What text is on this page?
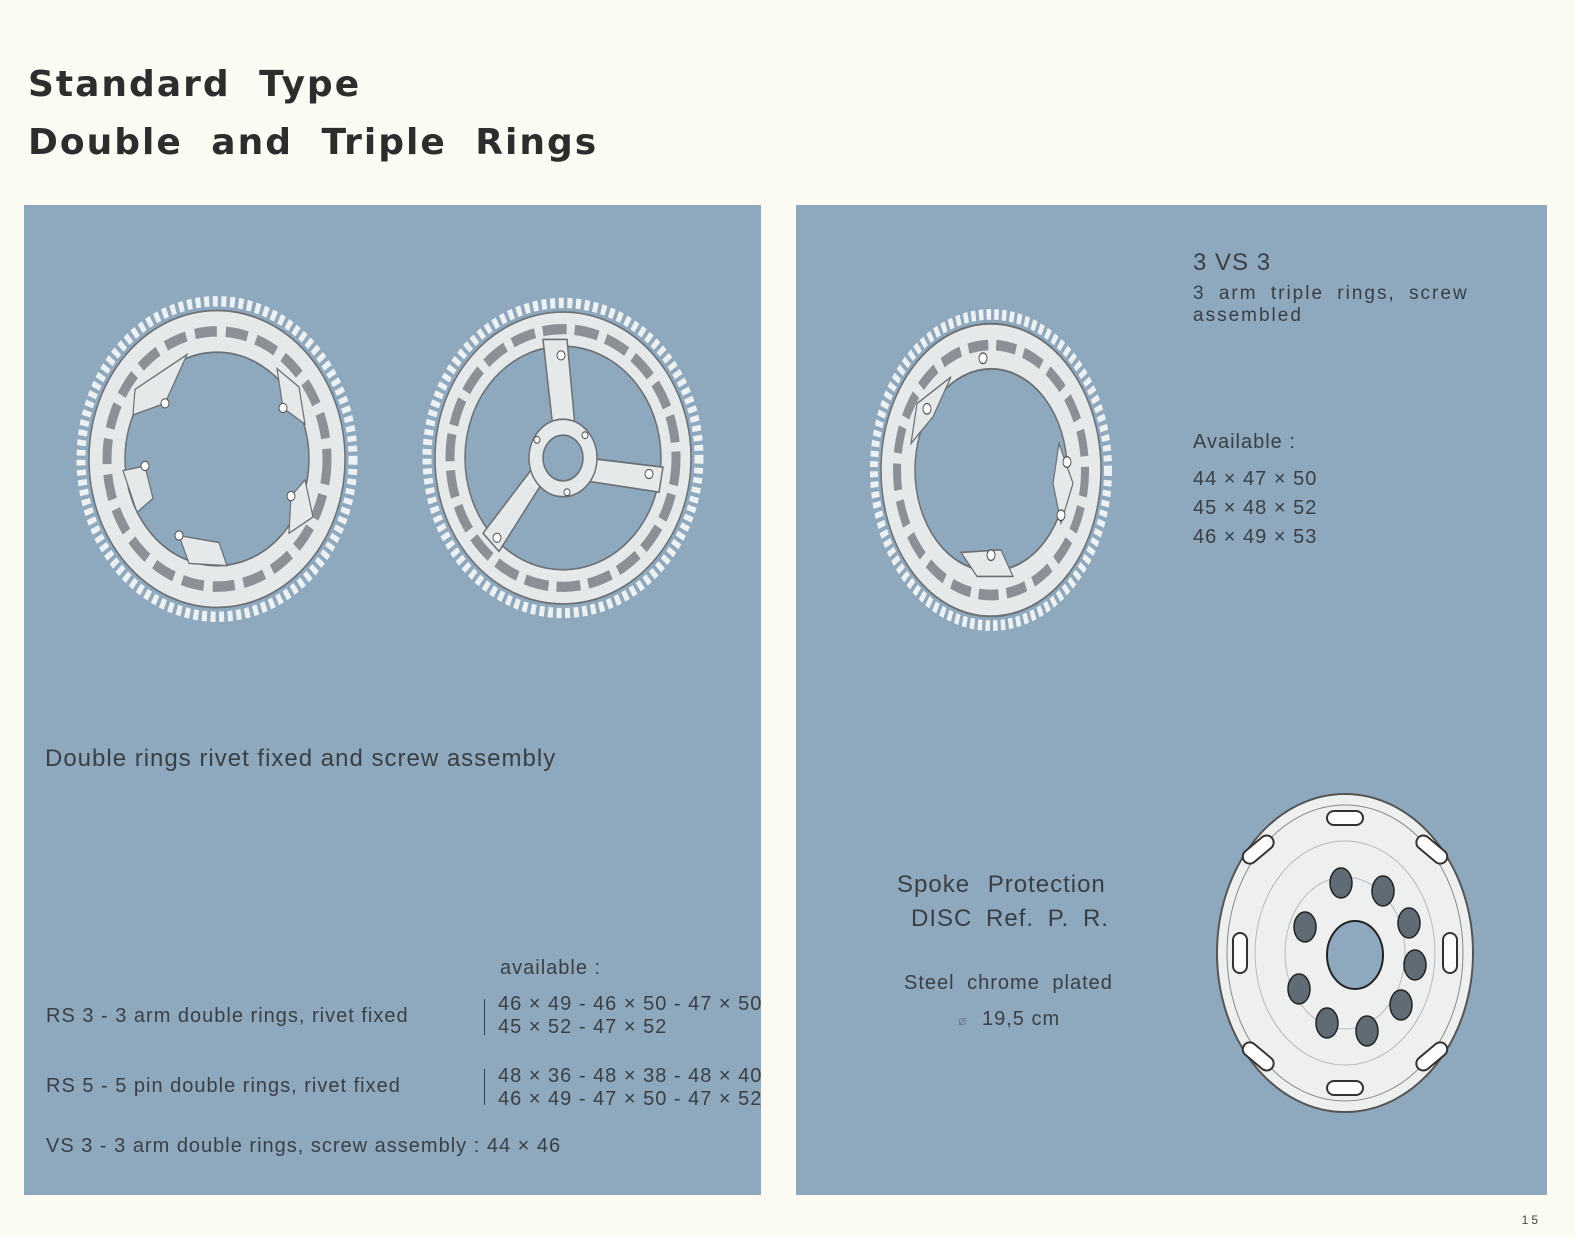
Standard Type
Double and Triple Rings

Double rings rivet fixed and screw assembly

available :

RS 3 - 3 arm double rings, rivet fixed

46 × 49 - 46 × 50 - 47 × 50

45 × 52 - 47 × 52

RS 5 - 5 pin double rings, rivet fixed	48 × 36 - 48 × 38 - 48 × 40

46 × 49 - 47 × 50 - 47 × 52

VS 3 - 3 arm double rings, screw assembly : 44 × 46

3 VS 3

3 arm triple rings, screw assembled

Available :

44 × 47 × 50

45 × 48 × 52

46 × 49 × 53

Spoke Protection

DISC Ref. P. R.

Steel chrome plated

⌀ 19,5 cm

15
